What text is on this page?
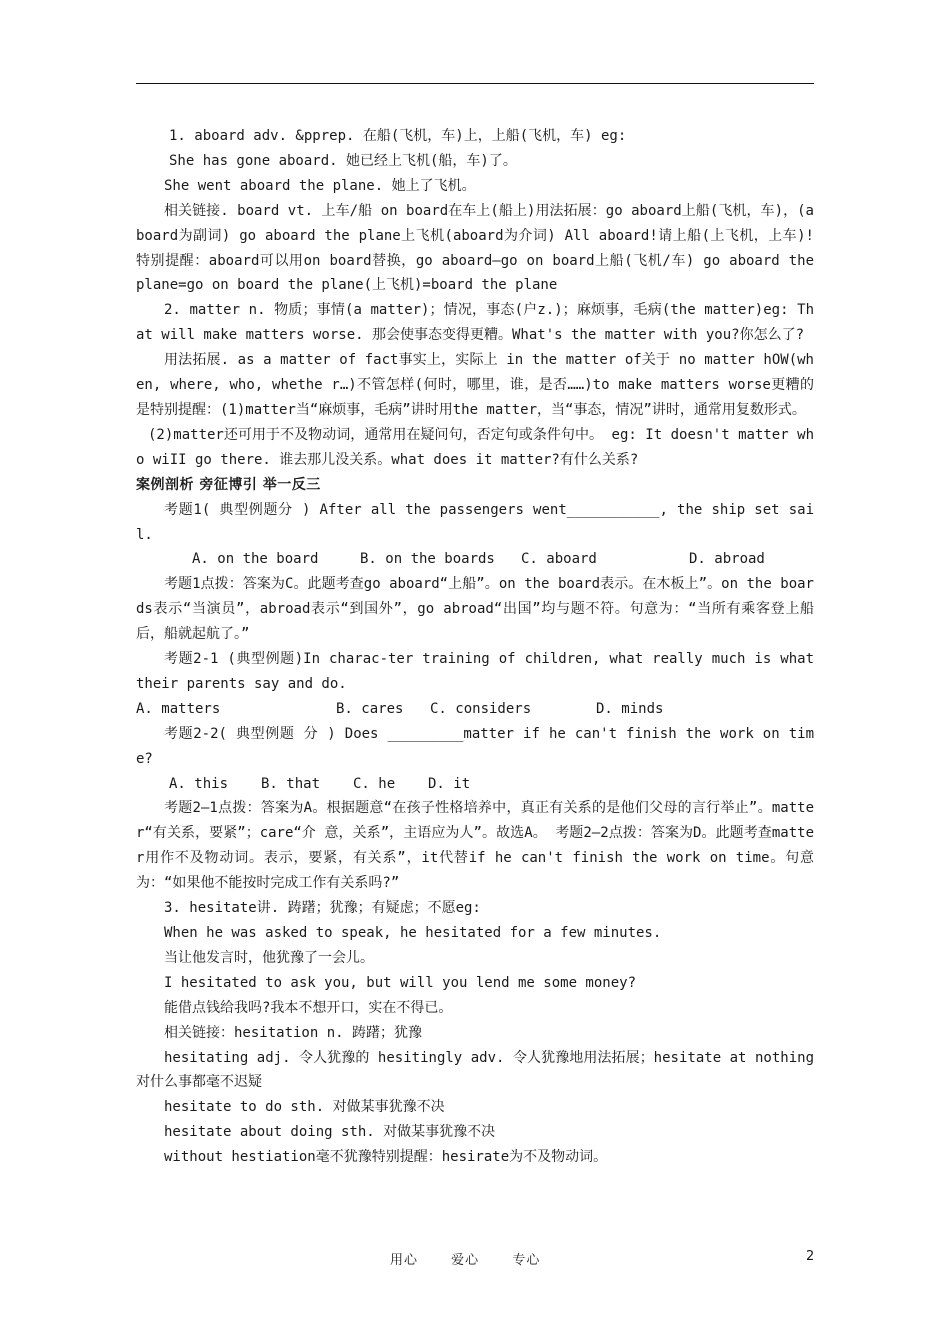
1. aboard adv. &pprep. 在船(飞机，车)上，上船(飞机，车) eg:

She has gone aboard. 她已经上飞机(船，车)了。

She went aboard the plane. 她上了飞机。

相关链接. board vt. 上车/船 on board在车上(船上)用法拓展：go aboard上船(飞机，车)，(aboard为副词) go aboard the plane上飞机(aboard为介词) All aboard!请上船(上飞机，上车)!特别提醒：aboard可以用on board替换，go aboard—go on board上船(飞机/车) go aboard the plane=go on board the plane(上飞机)=board the plane

2. matter n. 物质；事情(a matter)；情况，事态(户z.)；麻烦事，毛病(the matter)eg: That will make matters worse. 那会使事态变得更糟。What's the matter with you?你怎么了?

用法拓展. as a matter of fact事实上，实际上 in the matter of关于 no matter hOW(when, where, who, whethe r…)不管怎样(何时，哪里，谁，是否……)to make matters worse更糟的是特别提醒：(1)matter当“麻烦事，毛病”讲时用the matter，当“事态，情况”讲时，通常用复数形式。

(2)matter还可用于不及物动词，通常用在疑问句，否定句或条件句中。 eg: It doesn't matter who wiII go there. 谁去那儿没关系。what does it matter?有什么关系?

案例剖析 旁征博引 举一反三

考题1( 典型例题分 ) After all the passengers went___________, the ship set sail.

A. on the board	B. on the boards	C. aboard	D. abroad

考题1点拨：答案为C。此题考查go aboard“上船”。on the board表示。在木板上”。on the boards表示“当演员”，abroad表示“到国外”，go abroad“出国”均与题不符。句意为：“当所有乘客登上船后，船就起航了。”

考题2-1 (典型例题)In charac-ter training of children, what really much is what their parents say and do.

A. matters	B. cares	C. considers	D. minds

考题2-2( 典型例题 分 ) Does _________matter if he can't finish the work on time?

A. this	B. that	C. he	D. it

考题2—1点拨：答案为A。根据题意“在孩子性格培养中，真正有关系的是他们父母的言行举止”。matter“有关系，要紧”；care“介 意，关系”，主语应为人”。故选A。 考题2—2点拨：答案为D。此题考查matter用作不及物动词。表示，要紧，有关系”，it代替if he can't finish the work on time。句意为：“如果他不能按时完成工作有关系吗?”

3. hesitate讲. 踌躇；犹豫；有疑虑；不愿eg:

When he was asked to speak, he hesitated for a few minutes.

当让他发言时，他犹豫了一会儿。

I hesitated to ask you, but will you lend me some money?

能借点钱给我吗?我本不想开口，实在不得已。

相关链接：hesitation n. 踌躇；犹豫

hesitating adj. 令人犹豫的 hesitingly adv. 令人犹豫地用法拓展；hesitate at nothing对什么事都毫不迟疑

hesitate to do sth. 对做某事犹豫不决

hesitate about doing sth. 对做某事犹豫不决

without hestiation毫不犹豫特别提醒：hesirate为不及物动词。

用心	爱心	专心	2
